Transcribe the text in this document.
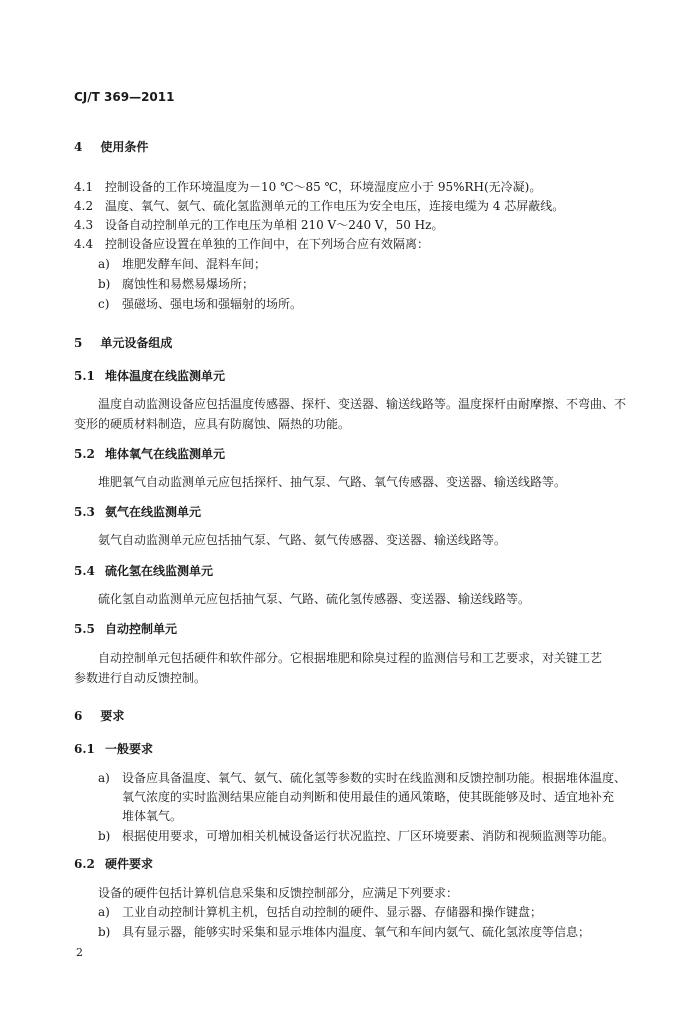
CJ/T 369—2011
4 使用条件
4.1 控制设备的工作环境温度为－10 ℃～85 ℃，环境湿度应小于 95%RH(无冷凝)。
4.2 温度、氧气、氨气、硫化氢监测单元的工作电压为安全电压，连接电缆为 4 芯屏蔽线。
4.3 设备自动控制单元的工作电压为单相 210 V～240 V，50 Hz。
4.4 控制设备应设置在单独的工作间中，在下列场合应有效隔离：
a) 堆肥发酵车间、混料车间；
b) 腐蚀性和易燃易爆场所；
c) 强磁场、强电场和强辐射的场所。
5 单元设备组成
5.1 堆体温度在线监测单元
温度自动监测设备应包括温度传感器、探杆、变送器、输送线路等。温度探杆由耐摩擦、不弯曲、不
变形的硬质材料制造，应具有防腐蚀、隔热的功能。
5.2 堆体氧气在线监测单元
堆肥氧气自动监测单元应包括探杆、抽气泵、气路、氧气传感器、变送器、输送线路等。
5.3 氨气在线监测单元
氨气自动监测单元应包括抽气泵、气路、氨气传感器、变送器、输送线路等。
5.4 硫化氢在线监测单元
硫化氢自动监测单元应包括抽气泵、气路、硫化氢传感器、变送器、输送线路等。
5.5 自动控制单元
自动控制单元包括硬件和软件部分。它根据堆肥和除臭过程的监测信号和工艺要求，对关键工艺
参数进行自动反馈控制。
6 要求
6.1 一般要求
a) 设备应具备温度、氧气、氨气、硫化氢等参数的实时在线监测和反馈控制功能。根据堆体温度、
氧气浓度的实时监测结果应能自动判断和使用最佳的通风策略，使其既能够及时、适宜地补充
堆体氧气。
b) 根据使用要求，可增加相关机械设备运行状况监控、厂区环境要素、消防和视频监测等功能。
6.2 硬件要求
设备的硬件包括计算机信息采集和反馈控制部分，应满足下列要求：
a) 工业自动控制计算机主机，包括自动控制的硬件、显示器、存储器和操作键盘；
b) 具有显示器，能够实时采集和显示堆体内温度、氧气和车间内氨气、硫化氢浓度等信息；
2
